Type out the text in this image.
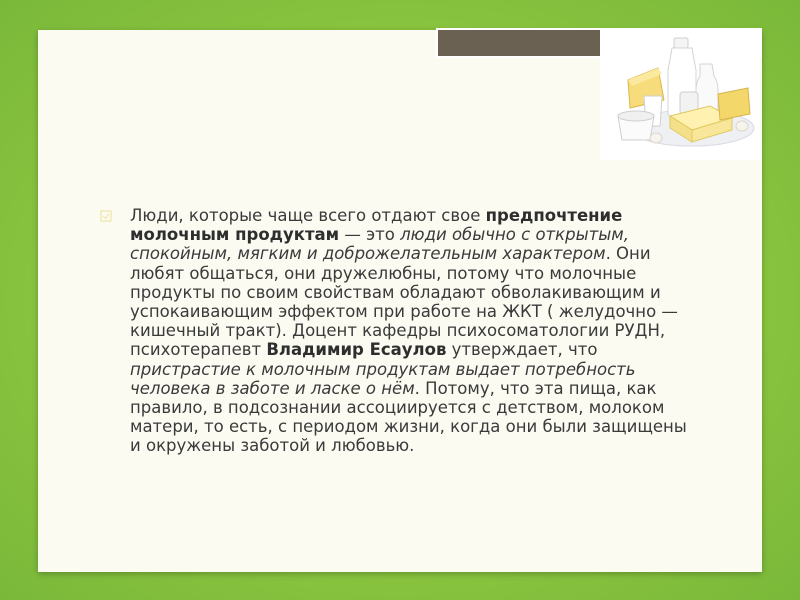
Люди, которые чаще всего отдают свое предпочтение молочным продуктам — это люди обычно с открытым, спокойным, мягким и доброжелательным характером. Они любят общаться, они дружелюбны, потому что молочные продукты по своим свойствам обладают обволакивающим и успокаивающим эффектом при работе на ЖКТ ( желудочно — кишечный тракт). Доцент кафедры психосоматологии РУДН, психотерапевт Владимир Есаулов утверждает, что пристрастие к молочным продуктам выдает потребность человека в заботе и ласке о нём. Потому, что эта пища, как правило, в подсознании ассоциируется с детством, молоком матери, то есть, с периодом жизни, когда они были защищены и окружены заботой и любовью.
